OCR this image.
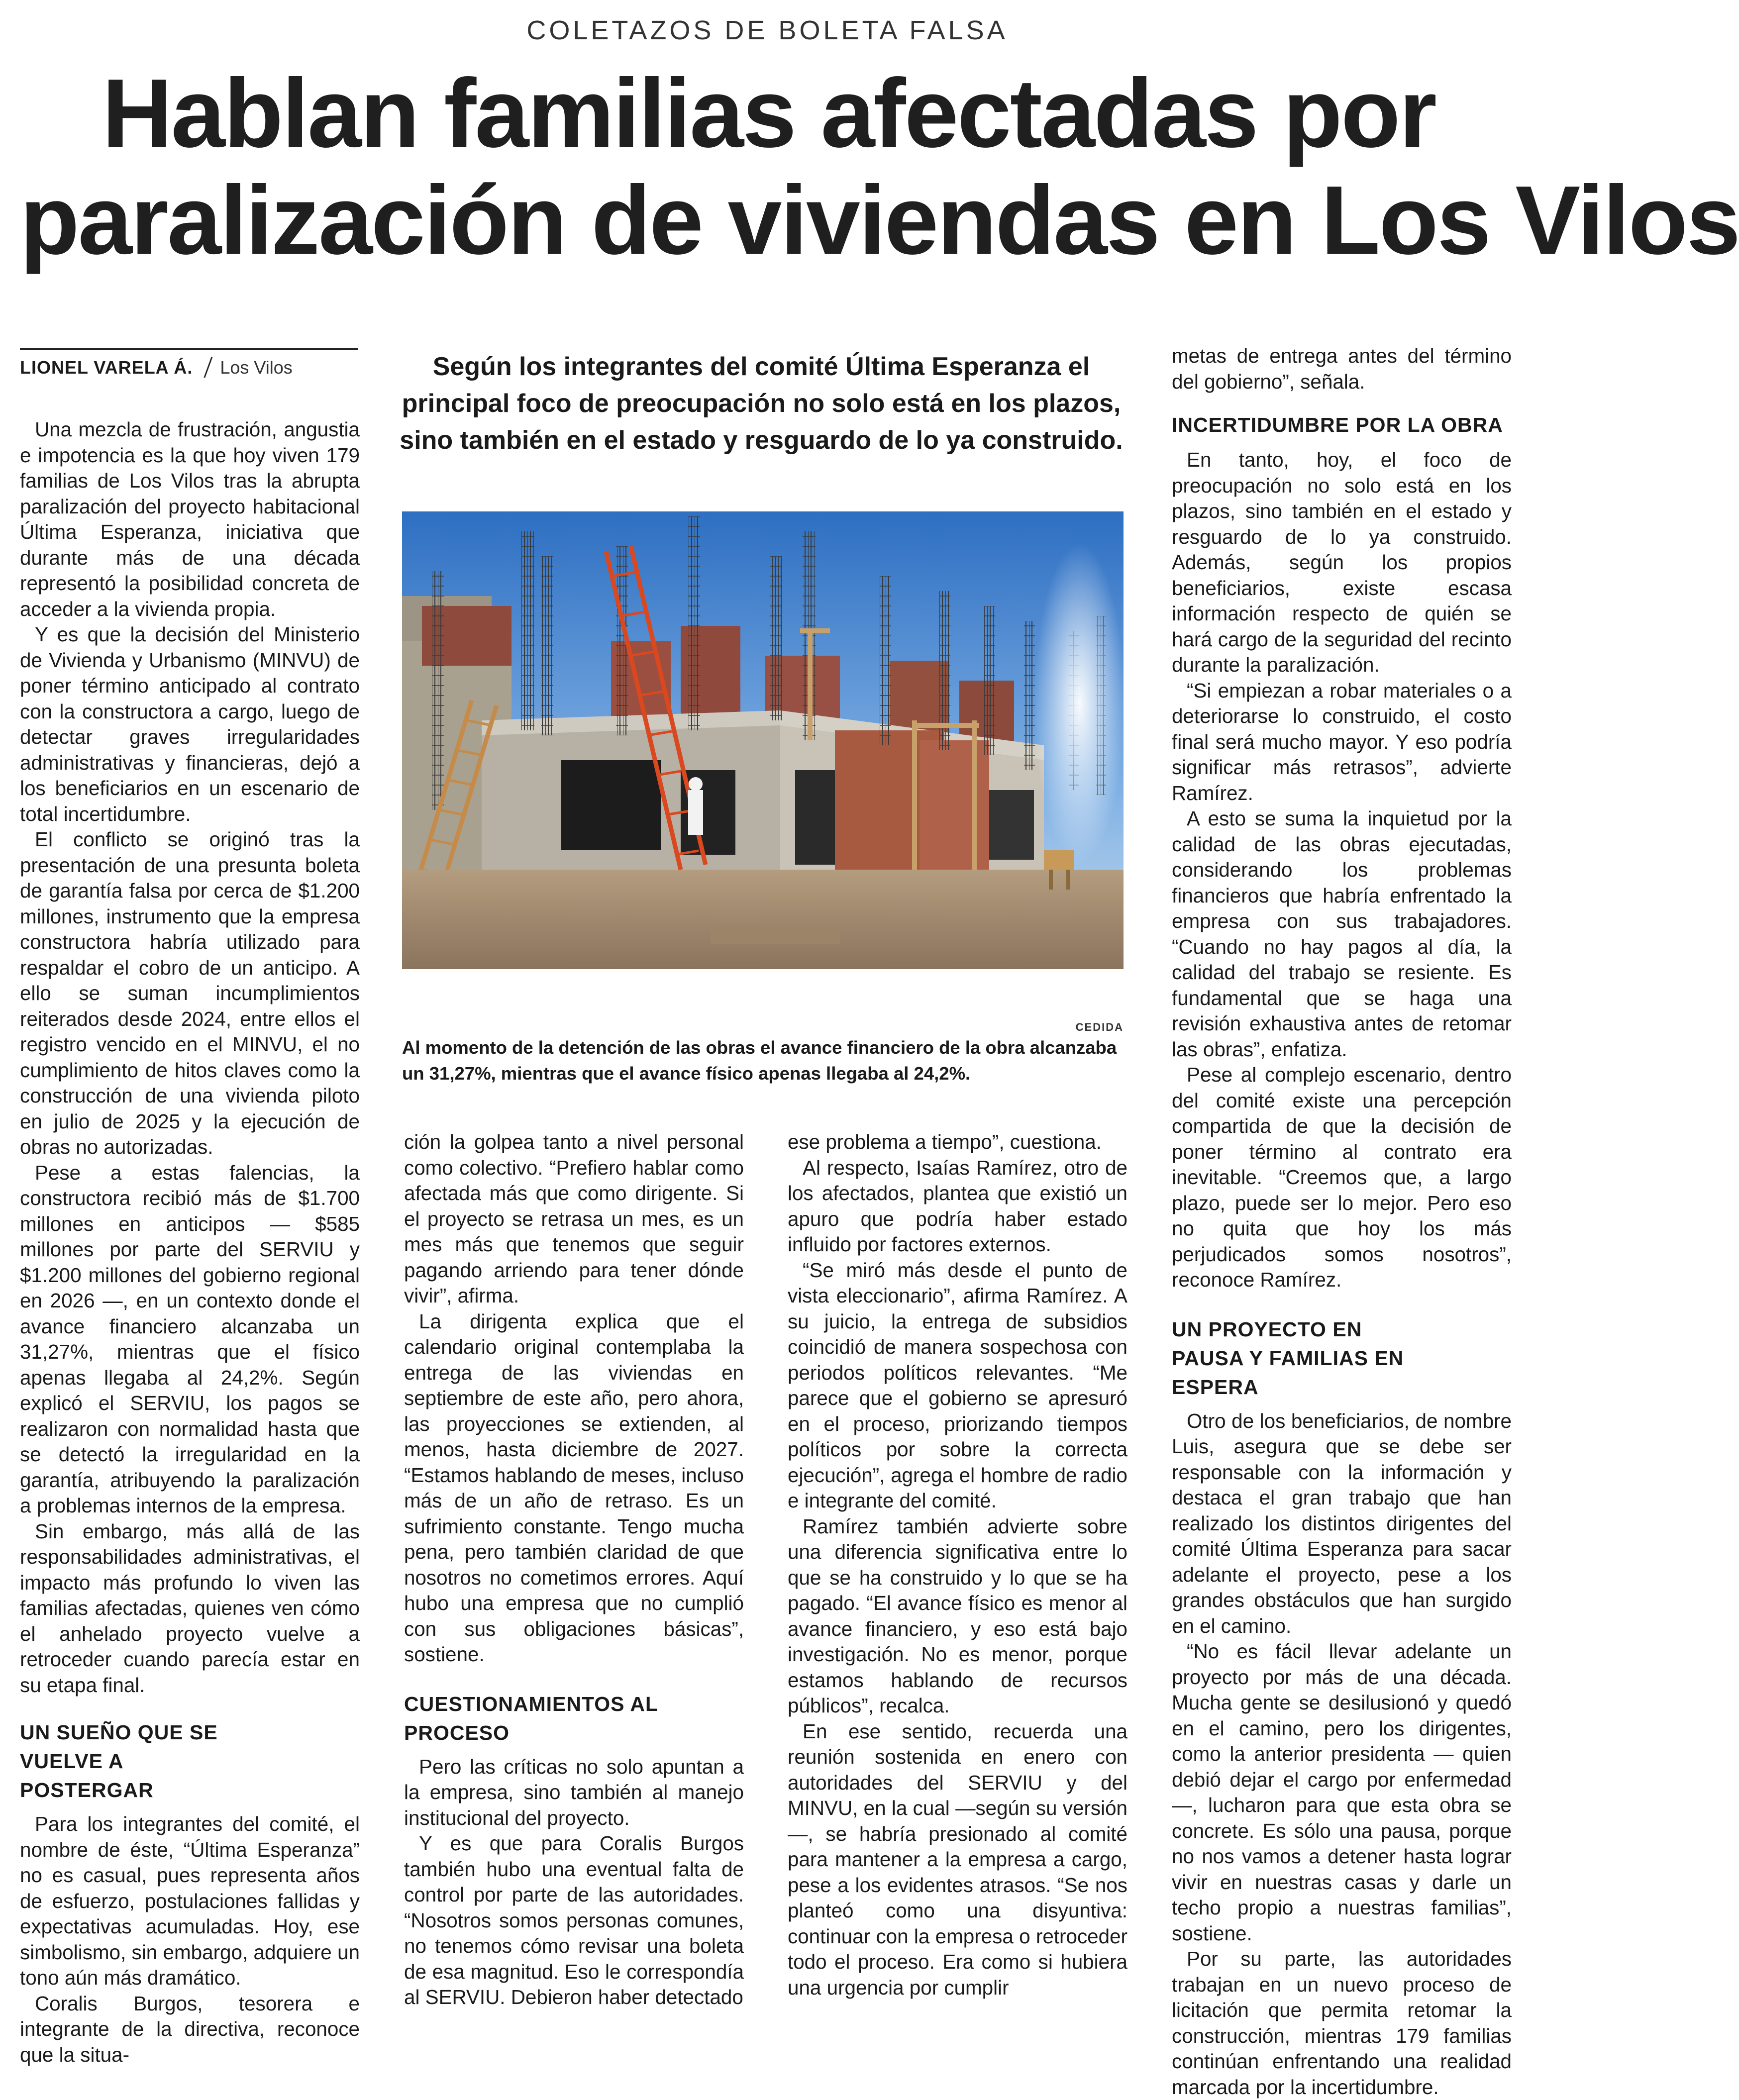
COLETAZOS DE BOLETA FALSA
Hablan familias afectadas por
paralización de viviendas en Los Vilos
LIONEL VARELA Á. Los Vilos

Una mezcla de frustración, angustia e impotencia es la que hoy viven 179 familias de Los Vilos tras la abrupta paralización del proyecto habitacional Última Esperanza, iniciativa que durante más de una década representó la posibilidad concreta de acceder a la vivienda propia.

Y es que la decisión del Ministerio de Vivienda y Urbanismo (MINVU) de poner término anticipado al contrato con la constructora a cargo, luego de detectar graves irregularidades administrativas y financieras, dejó a los beneficiarios en un escenario de total incertidumbre.

El conflicto se originó tras la presentación de una presunta boleta de garantía falsa por cerca de $1.200 millones, instrumento que la empresa constructora habría utilizado para respaldar el cobro de un anticipo. A ello se suman incumplimientos reiterados desde 2024, entre ellos el registro vencido en el MINVU, el no cumplimiento de hitos claves como la construcción de una vivienda piloto en julio de 2025 y la ejecución de obras no autorizadas.

Pese a estas falencias, la constructora recibió más de $1.700 millones en anticipos — $585 millones por parte del SERVIU y $1.200 millones del gobierno regional en 2026 —, en un contexto donde el avance financiero alcanzaba un 31,27%, mientras que el físico apenas llegaba al 24,2%. Según explicó el SERVIU, los pagos se realizaron con normalidad hasta que se detectó la irregularidad en la garantía, atribuyendo la paralización a problemas internos de la empresa.

Sin embargo, más allá de las responsabilidades administrativas, el impacto más profundo lo viven las familias afectadas, quienes ven cómo el anhelado proyecto vuelve a retroceder cuando parecía estar en su etapa final.

UN SUEÑO QUE SE VUELVE A POSTERGAR

Para los integrantes del comité, el nombre de éste, “Última Esperanza” no es casual, pues representa años de esfuerzo, postulaciones fallidas y expectativas acumuladas. Hoy, ese simbolismo, sin embargo, adquiere un tono aún más dramático.

Coralis Burgos, tesorera e integrante de la directiva, reconoce que la situa-

Según los integrantes del comité Última Esperanza el principal foco de preocupación no solo está en los plazos, sino también en el estado y resguardo de lo ya construido.
CEDIDA
Al momento de la detención de las obras el avance financiero de la obra alcanzaba un 31,27%, mientras que el avance físico apenas llegaba al 24,2%.

ción la golpea tanto a nivel personal como colectivo. “Prefiero hablar como afectada más que como dirigente. Si el proyecto se retrasa un mes, es un mes más que tenemos que seguir pagando arriendo para tener dónde vivir”, afirma.

La dirigenta explica que el calendario original contemplaba la entrega de las viviendas en septiembre de este año, pero ahora, las proyecciones se extienden, al menos, hasta diciembre de 2027. “Estamos hablando de meses, incluso más de un año de retraso. Es un sufrimiento constante. Tengo mucha pena, pero también claridad de que nosotros no cometimos errores. Aquí hubo una empresa que no cumplió con sus obligaciones básicas”, sostiene.

CUESTIONAMIENTOS AL PROCESO

Pero las críticas no solo apuntan a la empresa, sino también al manejo institucional del proyecto.

Y es que para Coralis Burgos también hubo una eventual falta de control por parte de las autoridades. “Nosotros somos personas comunes, no tenemos cómo revisar una boleta de esa magnitud. Eso le correspondía al SERVIU. Debieron haber detectado

ese problema a tiempo”, cuestiona.

Al respecto, Isaías Ramírez, otro de los afectados, plantea que existió un apuro que podría haber estado influido por factores externos.

“Se miró más desde el punto de vista eleccionario”, afirma Ramírez. A su juicio, la entrega de subsidios coincidió de manera sospechosa con periodos políticos relevantes. “Me parece que el gobierno se apresuró en el proceso, priorizando tiempos políticos por sobre la correcta ejecución”, agrega el hombre de radio e integrante del comité.

Ramírez también advierte sobre una diferencia significativa entre lo que se ha construido y lo que se ha pagado. “El avance físico es menor al avance financiero, y eso está bajo investigación. No es menor, porque estamos hablando de recursos públicos”, recalca.

En ese sentido, recuerda una reunión sostenida en enero con autoridades del SERVIU y del MINVU, en la cual —según su versión—, se habría presionado al comité para mantener a la empresa a cargo, pese a los evidentes atrasos. “Se nos planteó como una disyuntiva: continuar con la empresa o retroceder todo el proceso. Era como si hubiera una urgencia por cumplir

metas de entrega antes del término del gobierno”, señala.

INCERTIDUMBRE POR LA OBRA

En tanto, hoy, el foco de preocupación no solo está en los plazos, sino también en el estado y resguardo de lo ya construido. Además, según los propios beneficiarios, existe escasa información respecto de quién se hará cargo de la seguridad del recinto durante la paralización.

“Si empiezan a robar materiales o a deteriorarse lo construido, el costo final será mucho mayor. Y eso podría significar más retrasos”, advierte Ramírez.

A esto se suma la inquietud por la calidad de las obras ejecutadas, considerando los problemas financieros que habría enfrentado la empresa con sus trabajadores. “Cuando no hay pagos al día, la calidad del trabajo se resiente. Es fundamental que se haga una revisión exhaustiva antes de retomar las obras”, enfatiza.

Pese al complejo escenario, dentro del comité existe una percepción compartida de que la decisión de poner término al contrato era inevitable. “Creemos que, a largo plazo, puede ser lo mejor. Pero eso no quita que hoy los más perjudicados somos nosotros”, reconoce Ramírez.

UN PROYECTO EN PAUSA Y FAMILIAS EN ESPERA

Otro de los beneficiarios, de nombre Luis, asegura que se debe ser responsable con la información y destaca el gran trabajo que han realizado los distintos dirigentes del comité Última Esperanza para sacar adelante el proyecto, pese a los grandes obstáculos que han surgido en el camino.

“No es fácil llevar adelante un proyecto por más de una década. Mucha gente se desilusionó y quedó en el camino, pero los dirigentes, como la anterior presidenta — quien debió dejar el cargo por enfermedad —, lucharon para que esta obra se concrete. Es sólo una pausa, porque no nos vamos a detener hasta lograr vivir en nuestras casas y darle un techo propio a nuestras familias”, sostiene.

Por su parte, las autoridades trabajan en un nuevo proceso de licitación que permita retomar la construcción, mientras 179 familias continúan enfrentando una realidad marcada por la incertidumbre.
